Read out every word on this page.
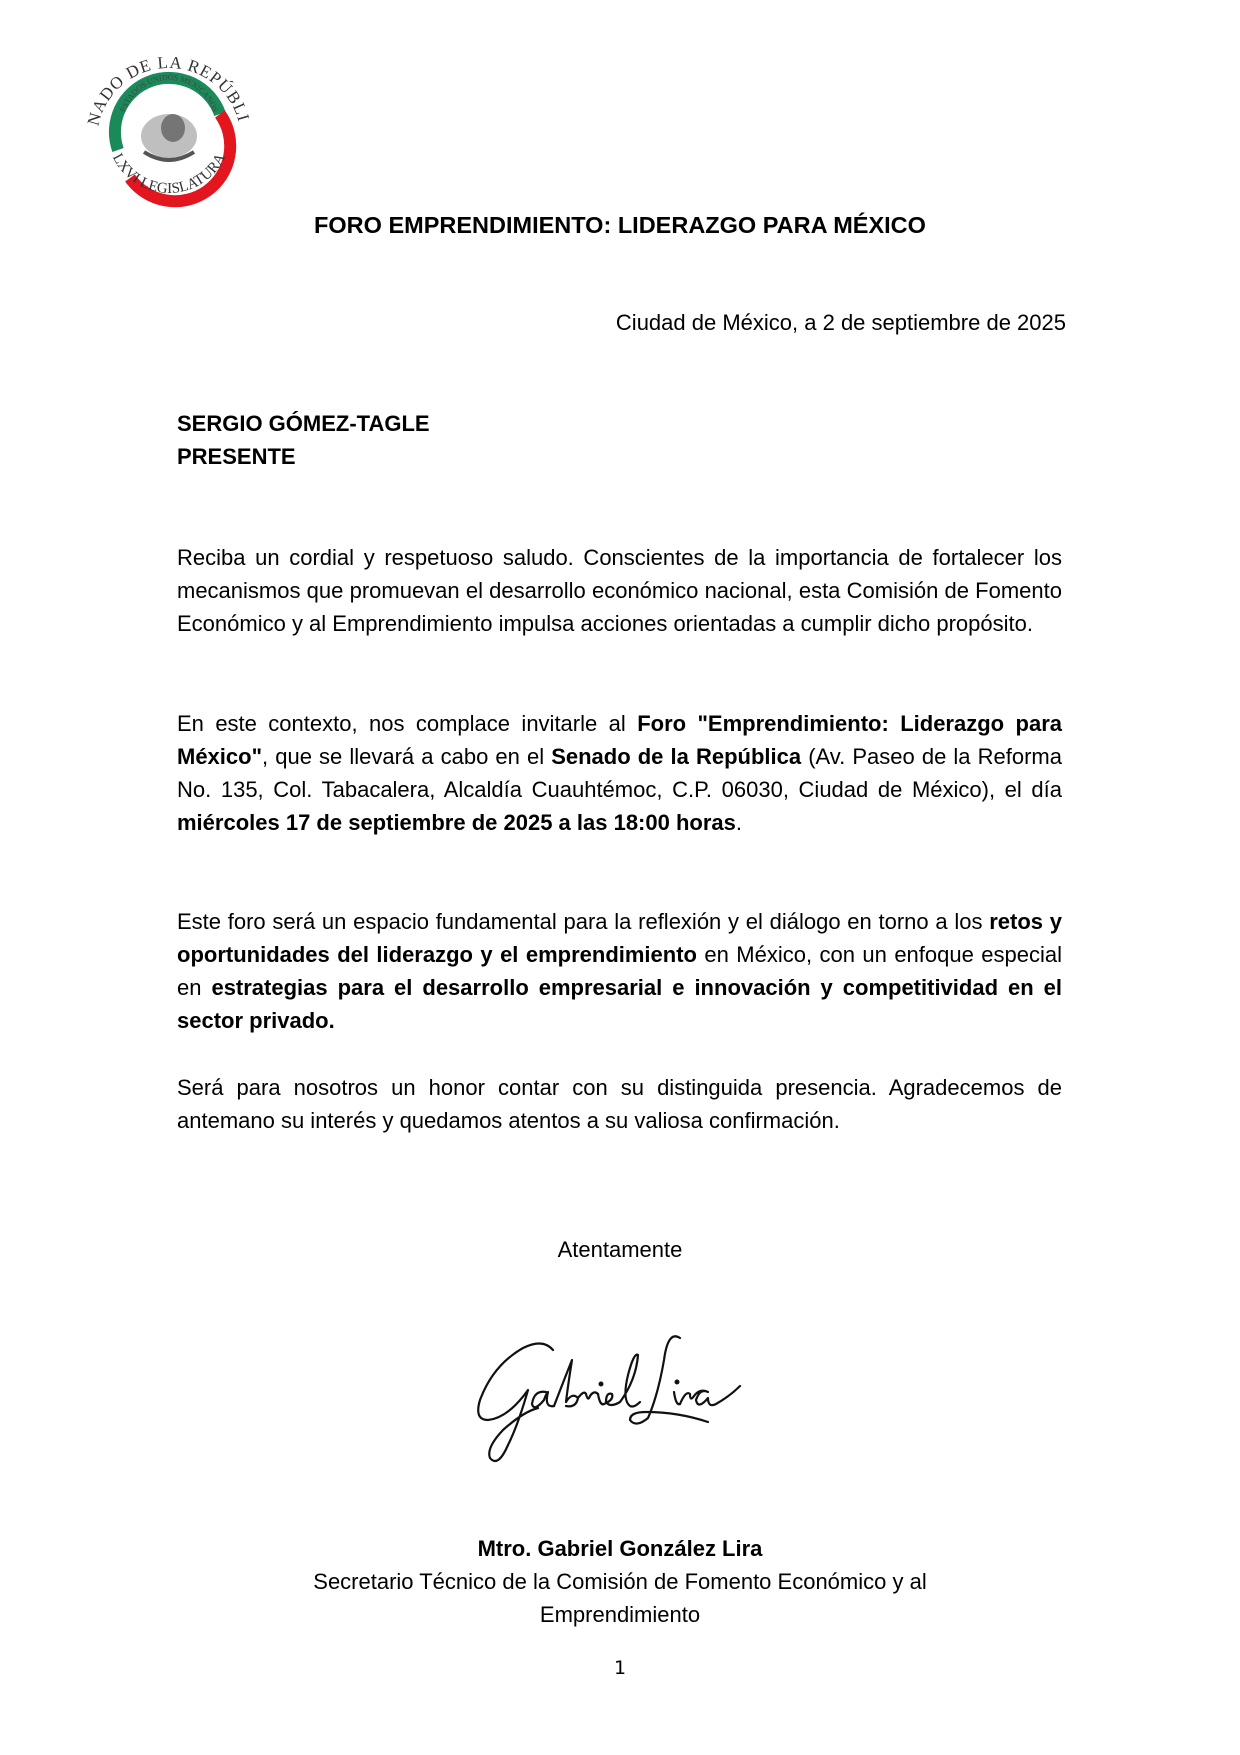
NADO DE LA REPÚBLI
ESTADOS UNIDOS MEXICANOS
LXVI LEGISLATURA
FORO EMPRENDIMIENTO: LIDERAZGO PARA MÉXICO
Ciudad de México, a 2 de septiembre de 2025
SERGIO GÓMEZ-TAGLE
PRESENTE
Reciba un cordial y respetuoso saludo. Conscientes de la importancia de fortalecer los mecanismos que promuevan el desarrollo económico nacional, esta Comisión de Fomento Económico y al Emprendimiento impulsa acciones orientadas a cumplir dicho propósito.
En este contexto, nos complace invitarle al Foro "Emprendimiento: Liderazgo para México", que se llevará a cabo en el Senado de la República (Av. Paseo de la Reforma No. 135, Col. Tabacalera, Alcaldía Cuauhtémoc, C.P. 06030, Ciudad de México), el día miércoles 17 de septiembre de 2025 a las 18:00 horas.
Este foro será un espacio fundamental para la reflexión y el diálogo en torno a los retos y oportunidades del liderazgo y el emprendimiento en México, con un enfoque especial en estrategias para el desarrollo empresarial e innovación y competitividad en el sector privado.
Será para nosotros un honor contar con su distinguida presencia. Agradecemos de antemano su interés y quedamos atentos a su valiosa confirmación.
Atentamente
Mtro. Gabriel González Lira
Secretario Técnico de la Comisión de Fomento Económico y al
Emprendimiento
1
